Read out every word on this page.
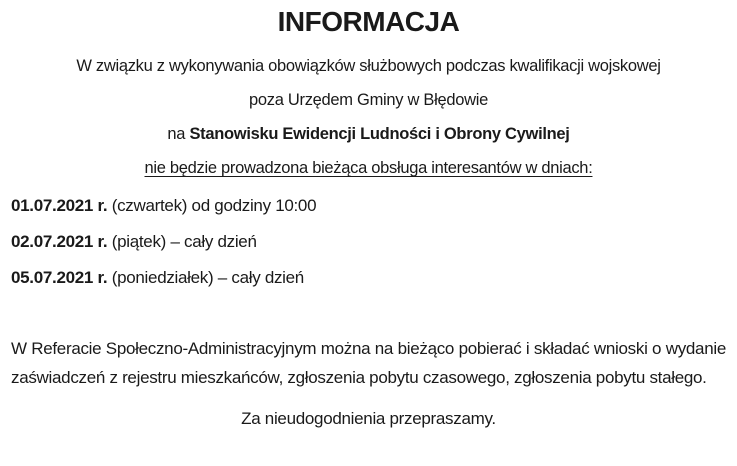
INFORMACJA

W związku z wykonywania obowiązków służbowych podczas kwalifikacji wojskowej

poza Urzędem Gminy w Błędowie

na Stanowisku Ewidencji Ludności i Obrony Cywilnej

nie będzie prowadzona bieżąca obsługa interesantów w dniach:

01.07.2021 r. (czwartek) od godziny 10:00

02.07.2021 r. (piątek) – cały dzień

05.07.2021 r. (poniedziałek) – cały dzień

W Referacie Społeczno-Administracyjnym można na bieżąco pobierać i składać wnioski o wydanie zaświadczeń z rejestru mieszkańców, zgłoszenia pobytu czasowego, zgłoszenia pobytu stałego.

Za nieudogodnienia przepraszamy.
